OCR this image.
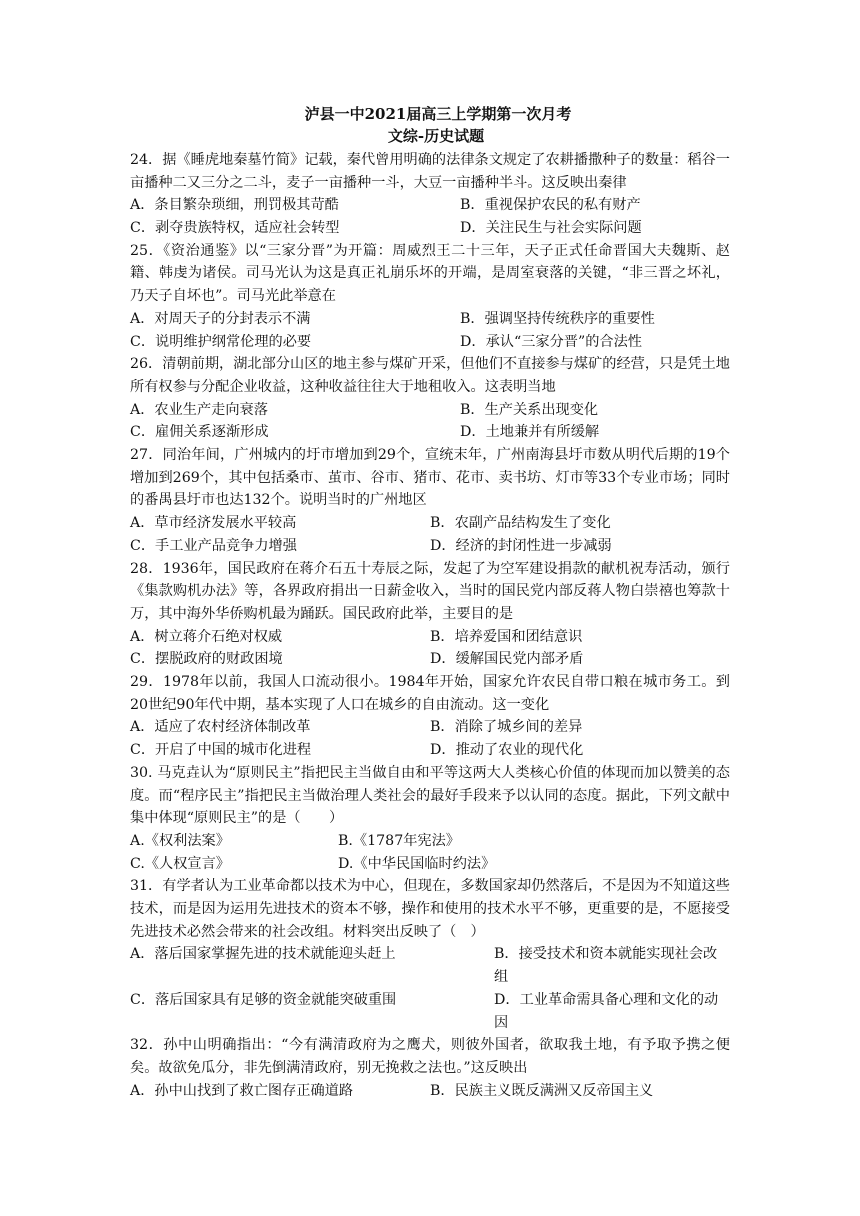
泸县一中2021届高三上学期第一次月考
文综-历史试题

24．据《睡虎地秦墓竹简》记载，秦代曾用明确的法律条文规定了农耕播撒种子的数量：稻谷一亩播种二又三分之二斗，麦子一亩播种一斗，大豆一亩播种半斗。这反映出秦律

A．条目繁杂琐细，刑罚极其苛酷	B．重视保护农民的私有财产
C．剥夺贵族特权，适应社会转型	D．关注民生与社会实际问题

25．《资治通鉴》以“三家分晋”为开篇：周威烈王二十三年，天子正式任命晋国大夫魏斯、赵籍、韩虔为诸侯。司马光认为这是真正礼崩乐坏的开端，是周室衰落的关键，“非三晋之坏礼，乃天子自坏也”。司马光此举意在

A．对周天子的分封表示不满	B．强调坚持传统秩序的重要性
C．说明维护纲常伦理的必要	D．承认“三家分晋”的合法性

26．清朝前期，湖北部分山区的地主参与煤矿开采，但他们不直接参与煤矿的经营，只是凭土地所有权参与分配企业收益，这种收益往往大于地租收入。这表明当地

A．农业生产走向衰落	B．生产关系出现变化
C．雇佣关系逐渐形成	D．土地兼并有所缓解

27．同治年间，广州城内的圩市增加到29个，宣统末年，广州南海县圩市数从明代后期的19个增加到269个，其中包括桑市、茧市、谷市、猪市、花市、卖书坊、灯市等33个专业市场；同时的番禺县圩市也达132个。说明当时的广州地区

A．草市经济发展水平较高	B．农副产品结构发生了变化
C．手工业产品竞争力增强	D．经济的封闭性进一步减弱

28．1936年，国民政府在蒋介石五十寿辰之际，发起了为空军建设捐款的献机祝寿活动，颁行《集款购机办法》等，各界政府捐出一日薪金收入，当时的国民党内部反蒋人物白崇禧也筹款十万，其中海外华侨购机最为踊跃。国民政府此举，主要目的是

A．树立蒋介石绝对权威	B．培养爱国和团结意识
C．摆脱政府的财政困境	D．缓解国民党内部矛盾

29．1978年以前，我国人口流动很小。1984年开始，国家允许农民自带口粮在城市务工。到20世纪90年代中期，基本实现了人口在城乡的自由流动。这一变化

A．适应了农村经济体制改革	B．消除了城乡间的差异
C．开启了中国的城市化进程	D．推动了农业的现代化

30. 马克垚认为“原则民主”指把民主当做自由和平等这两大人类核心价值的体现而加以赞美的态度。而“程序民主”指把民主当做治理人类社会的最好手段来予以认同的态度。据此，下列文献中集中体现“原则民主”的是（　　）

A.《权利法案》	B.《1787年宪法》
C.《人权宣言》	D.《中华民国临时约法》

31．有学者认为工业革命都以技术为中心，但现在，多数国家却仍然落后，不是因为不知道这些技术，而是因为运用先进技术的资本不够，操作和使用的技术水平不够，更重要的是，不愿接受先进技术必然会带来的社会改组。材料突出反映了（　）

A．落后国家掌握先进的技术就能迎头赶上	B．接受技术和资本就能实现社会改组
C．落后国家具有足够的资金就能突破重围	D．工业革命需具备心理和文化的动因

32．孙中山明确指出：“今有满清政府为之鹰犬，则彼外国者，欲取我土地，有予取予携之便矣。故欲免瓜分，非先倒满清政府，别无挽救之法也。”这反映出

A．孙中山找到了救亡图存正确道路	B．民族主义既反满洲又反帝国主义
